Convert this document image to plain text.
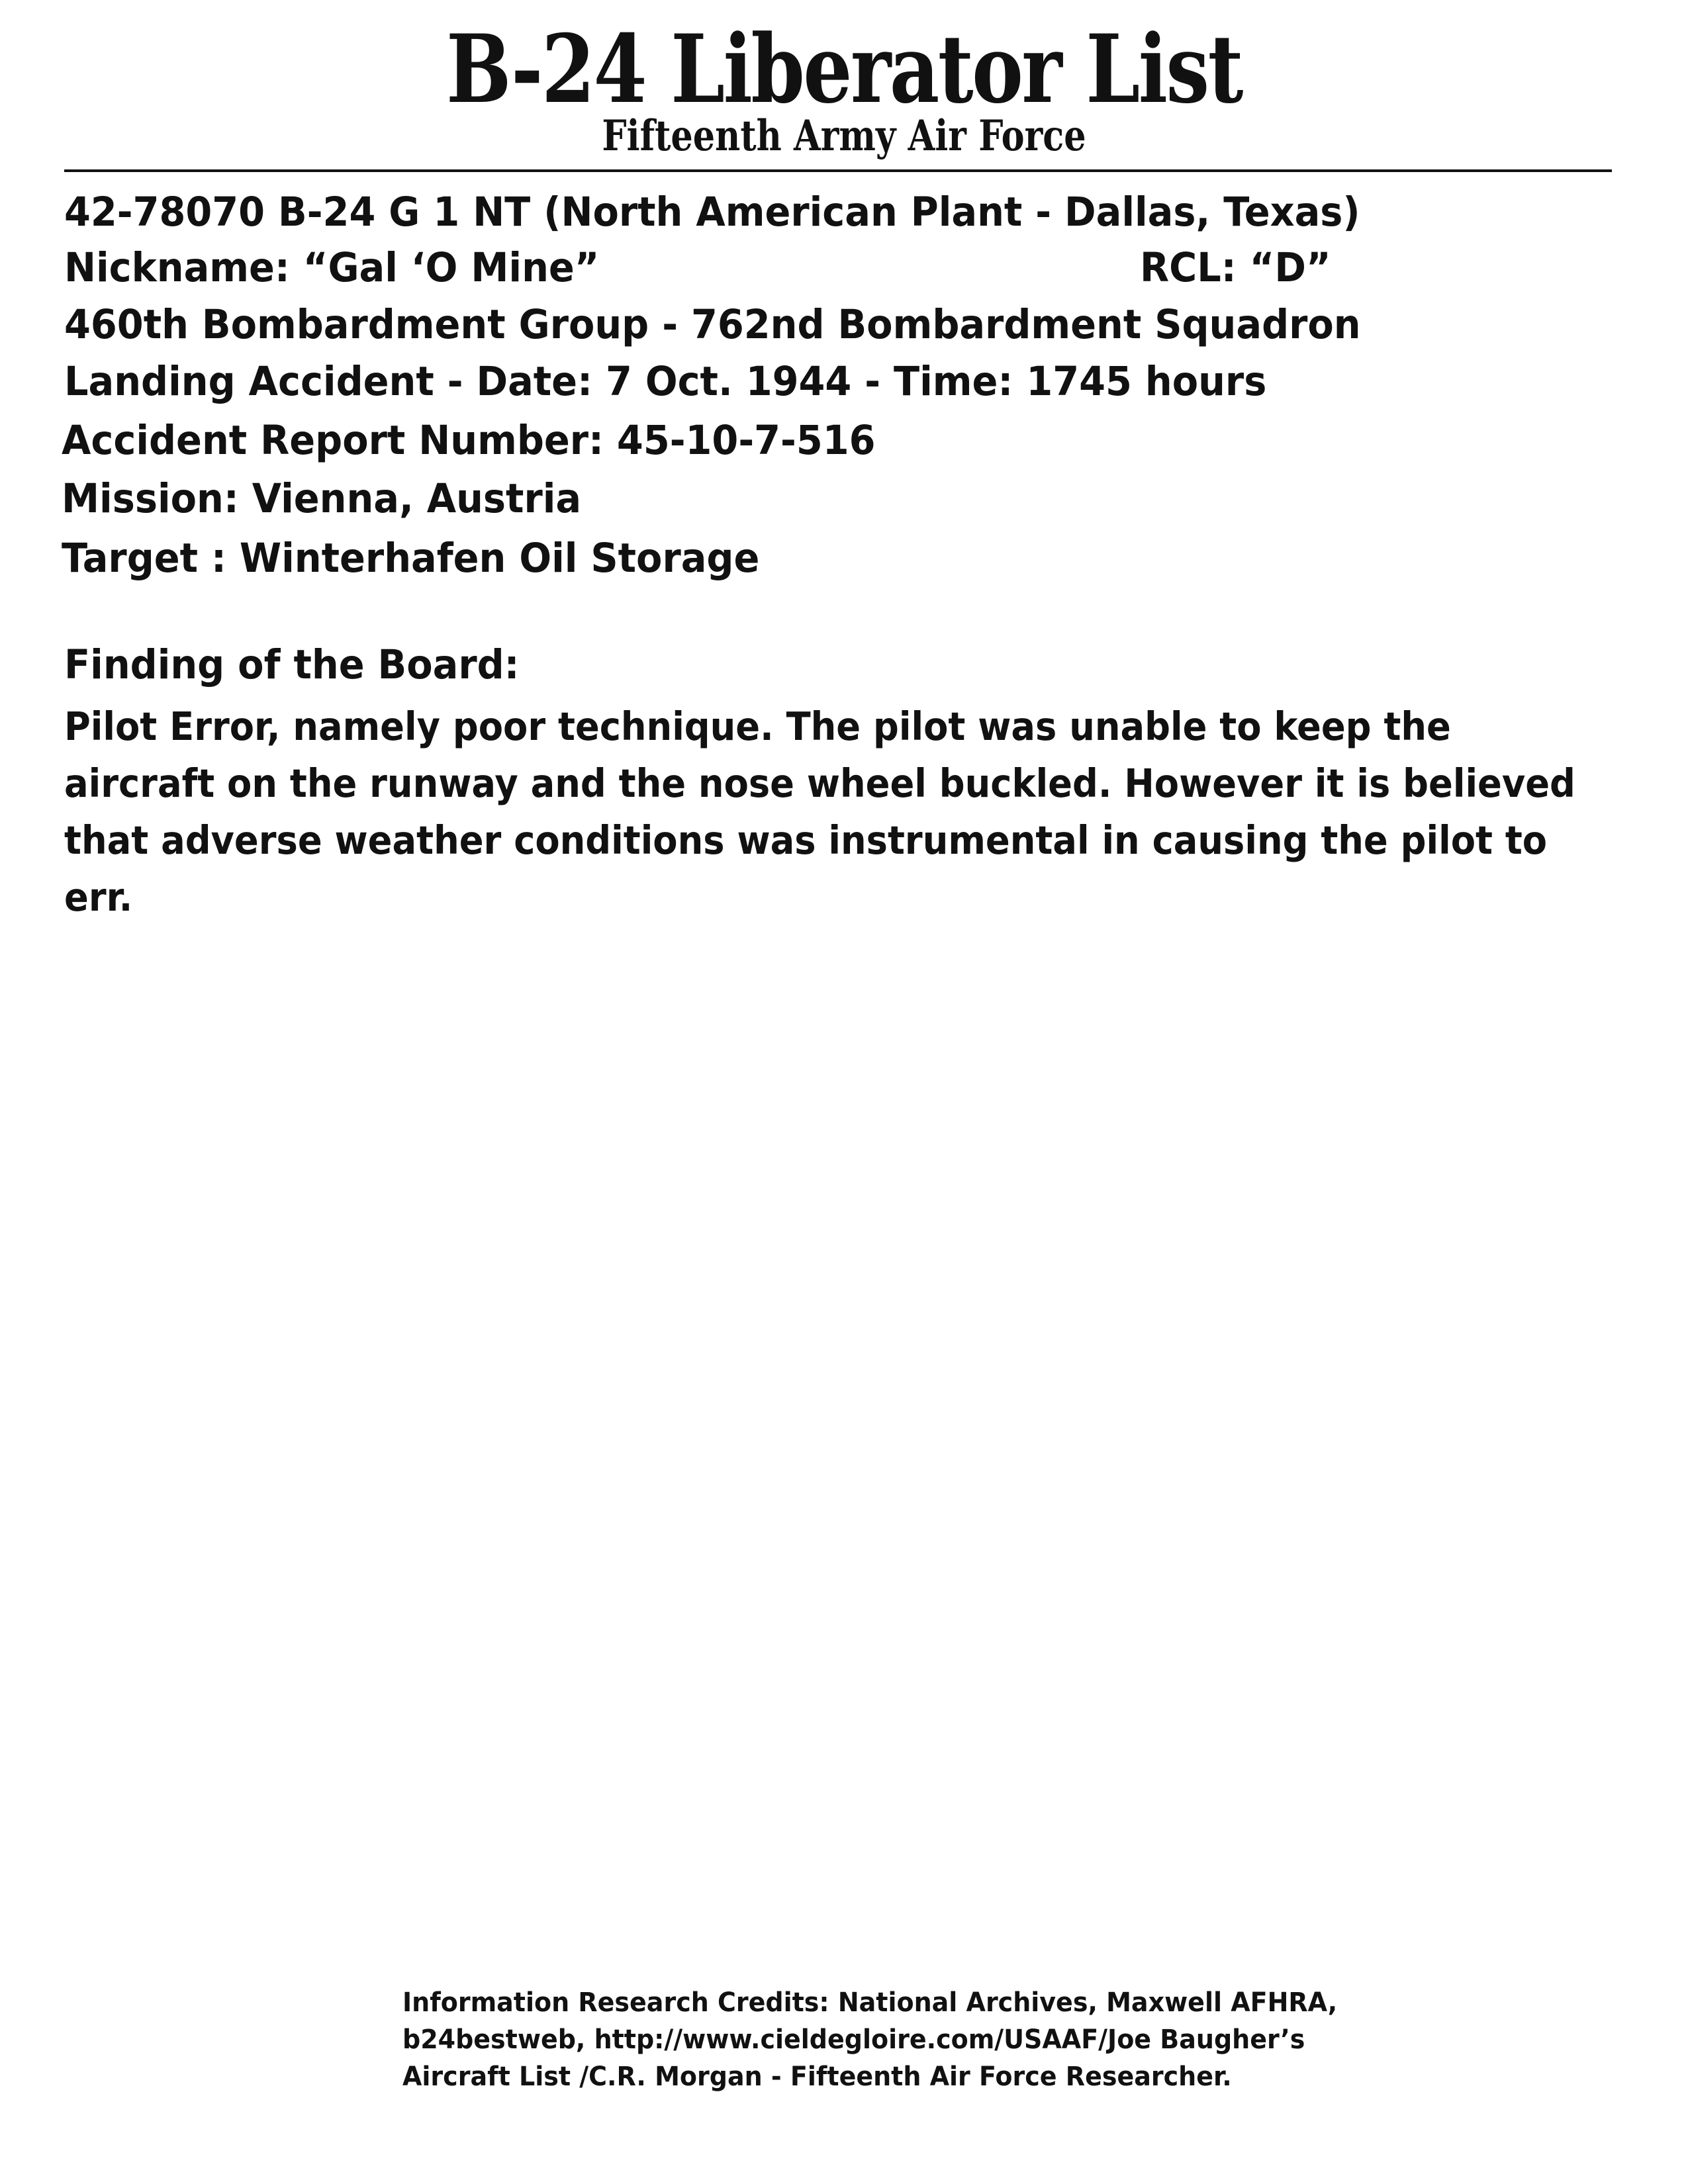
B-24 Liberator List
Fifteenth Army Air Force
42-78070 B-24 G 1 NT (North American Plant - Dallas, Texas)
Nickname: “Gal ‘O Mine”	RCL: “D”
460th Bombardment Group - 762nd Bombardment Squadron
Landing Accident - Date: 7 Oct. 1944 - Time: 1745 hours
Accident Report Number: 45-10-7-516
Mission: Vienna, Austria
Target : Winterhafen Oil Storage
Finding of the Board:
Pilot Error, namely poor technique. The pilot was unable to keep the aircraft on the runway and the nose wheel buckled. However it is believed that adverse weather conditions was instrumental in causing the pilot to err.
Information Research Credits: National Archives, Maxwell AFHRA, b24bestweb, http://www.cieldegloire.com/USAAF/Joe Baugher’s Aircraft List /C.R. Morgan - Fifteenth Air Force Researcher.
